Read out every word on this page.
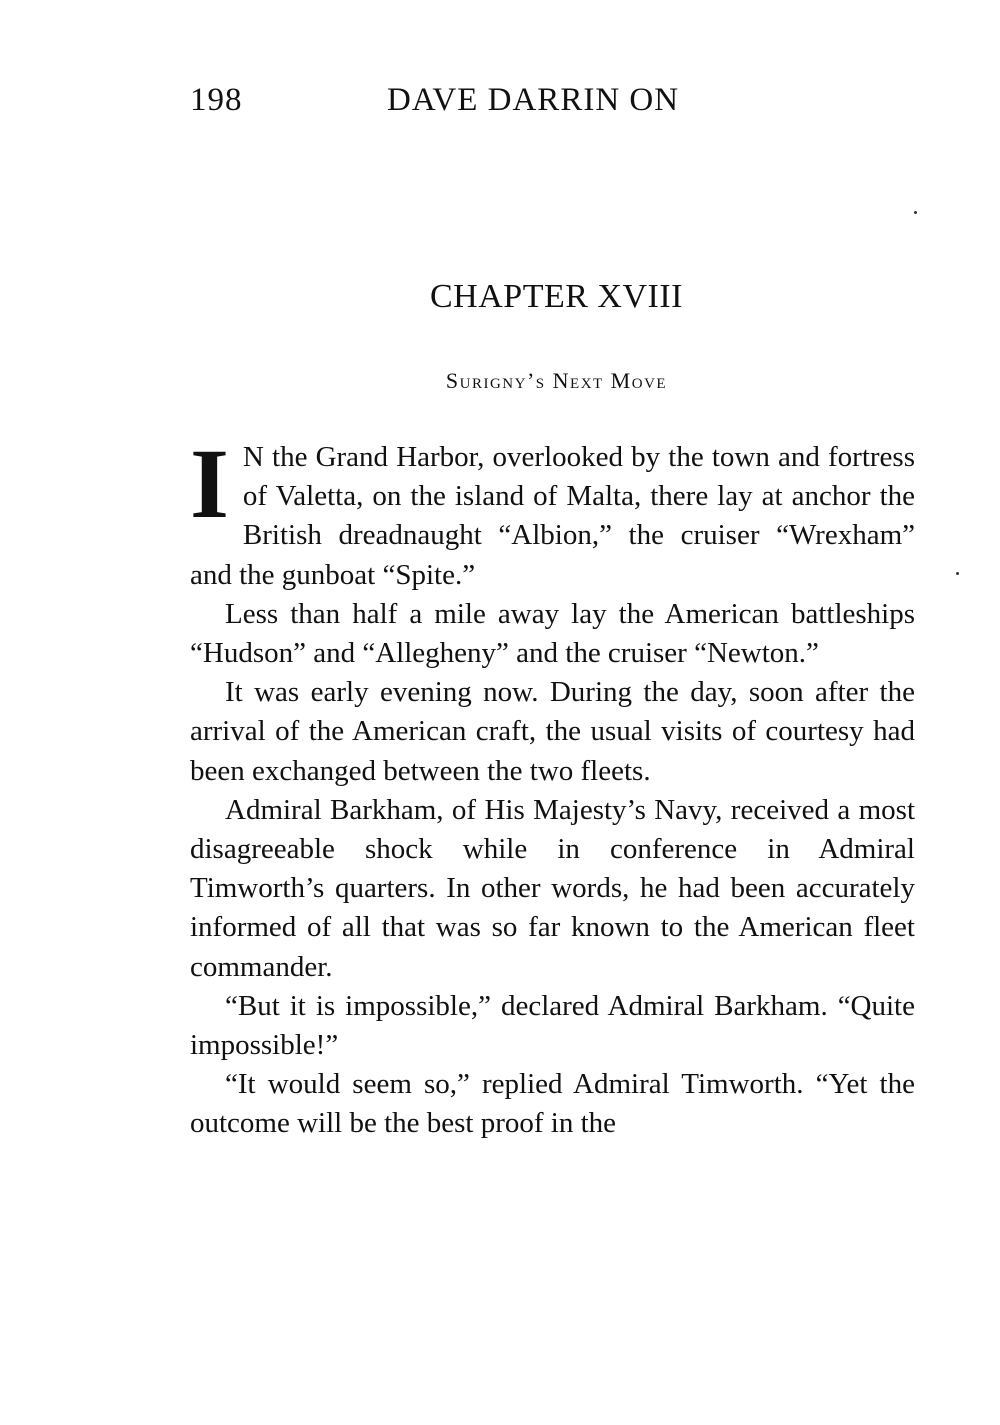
198	DAVE DARRIN ON
CHAPTER XVIII
Surigny’s Next Move

I N the Grand Harbor, overlooked by the town and fortress of Valetta, on the island of Malta, there lay at anchor the British dreadnaught “Albion,” the cruiser “Wrexham” and the gunboat “Spite.”

Less than half a mile away lay the American battleships “Hudson” and “Allegheny” and the cruiser “Newton.”

It was early evening now. During the day, soon after the arrival of the American craft, the usual visits of courtesy had been exchanged between the two fleets.

Admiral Barkham, of His Majesty’s Navy, received a most disagreeable shock while in conference in Admiral Timworth’s quarters. In other words, he had been accurately informed of all that was so far known to the American fleet commander.

“But it is impossible,” declared Admiral Barkham. “Quite impossible!”

“It would seem so,” replied Admiral Timworth. “Yet the outcome will be the best proof in the
